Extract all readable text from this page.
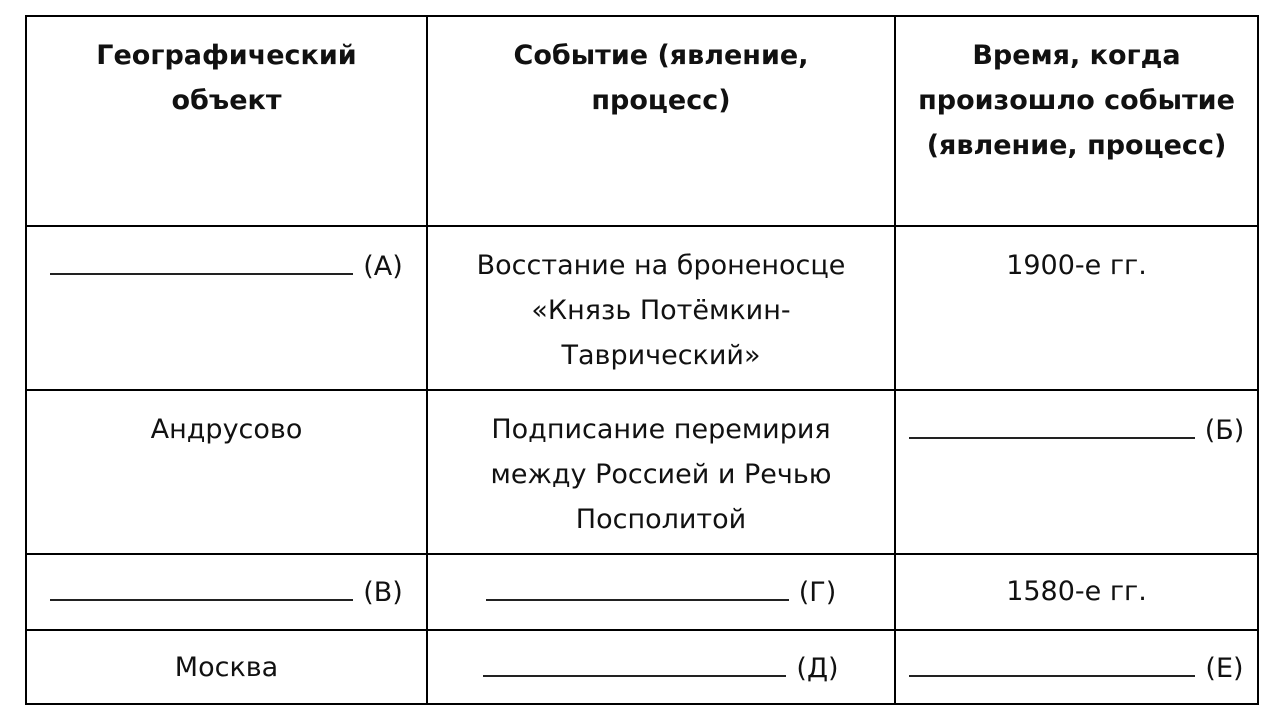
Географический объект	Событие (явление, процесс)	Время, когда произошло событие (явление, процесс)
(А)	Восстание на броненосце «Князь Потёмкин-Таврический»	1900-е гг.
Андрусово	Подписание перемирия между Россией и Речью Посполитой	(Б)
(В)	(Г)	1580-е гг.
Москва	(Д)	(Е)
